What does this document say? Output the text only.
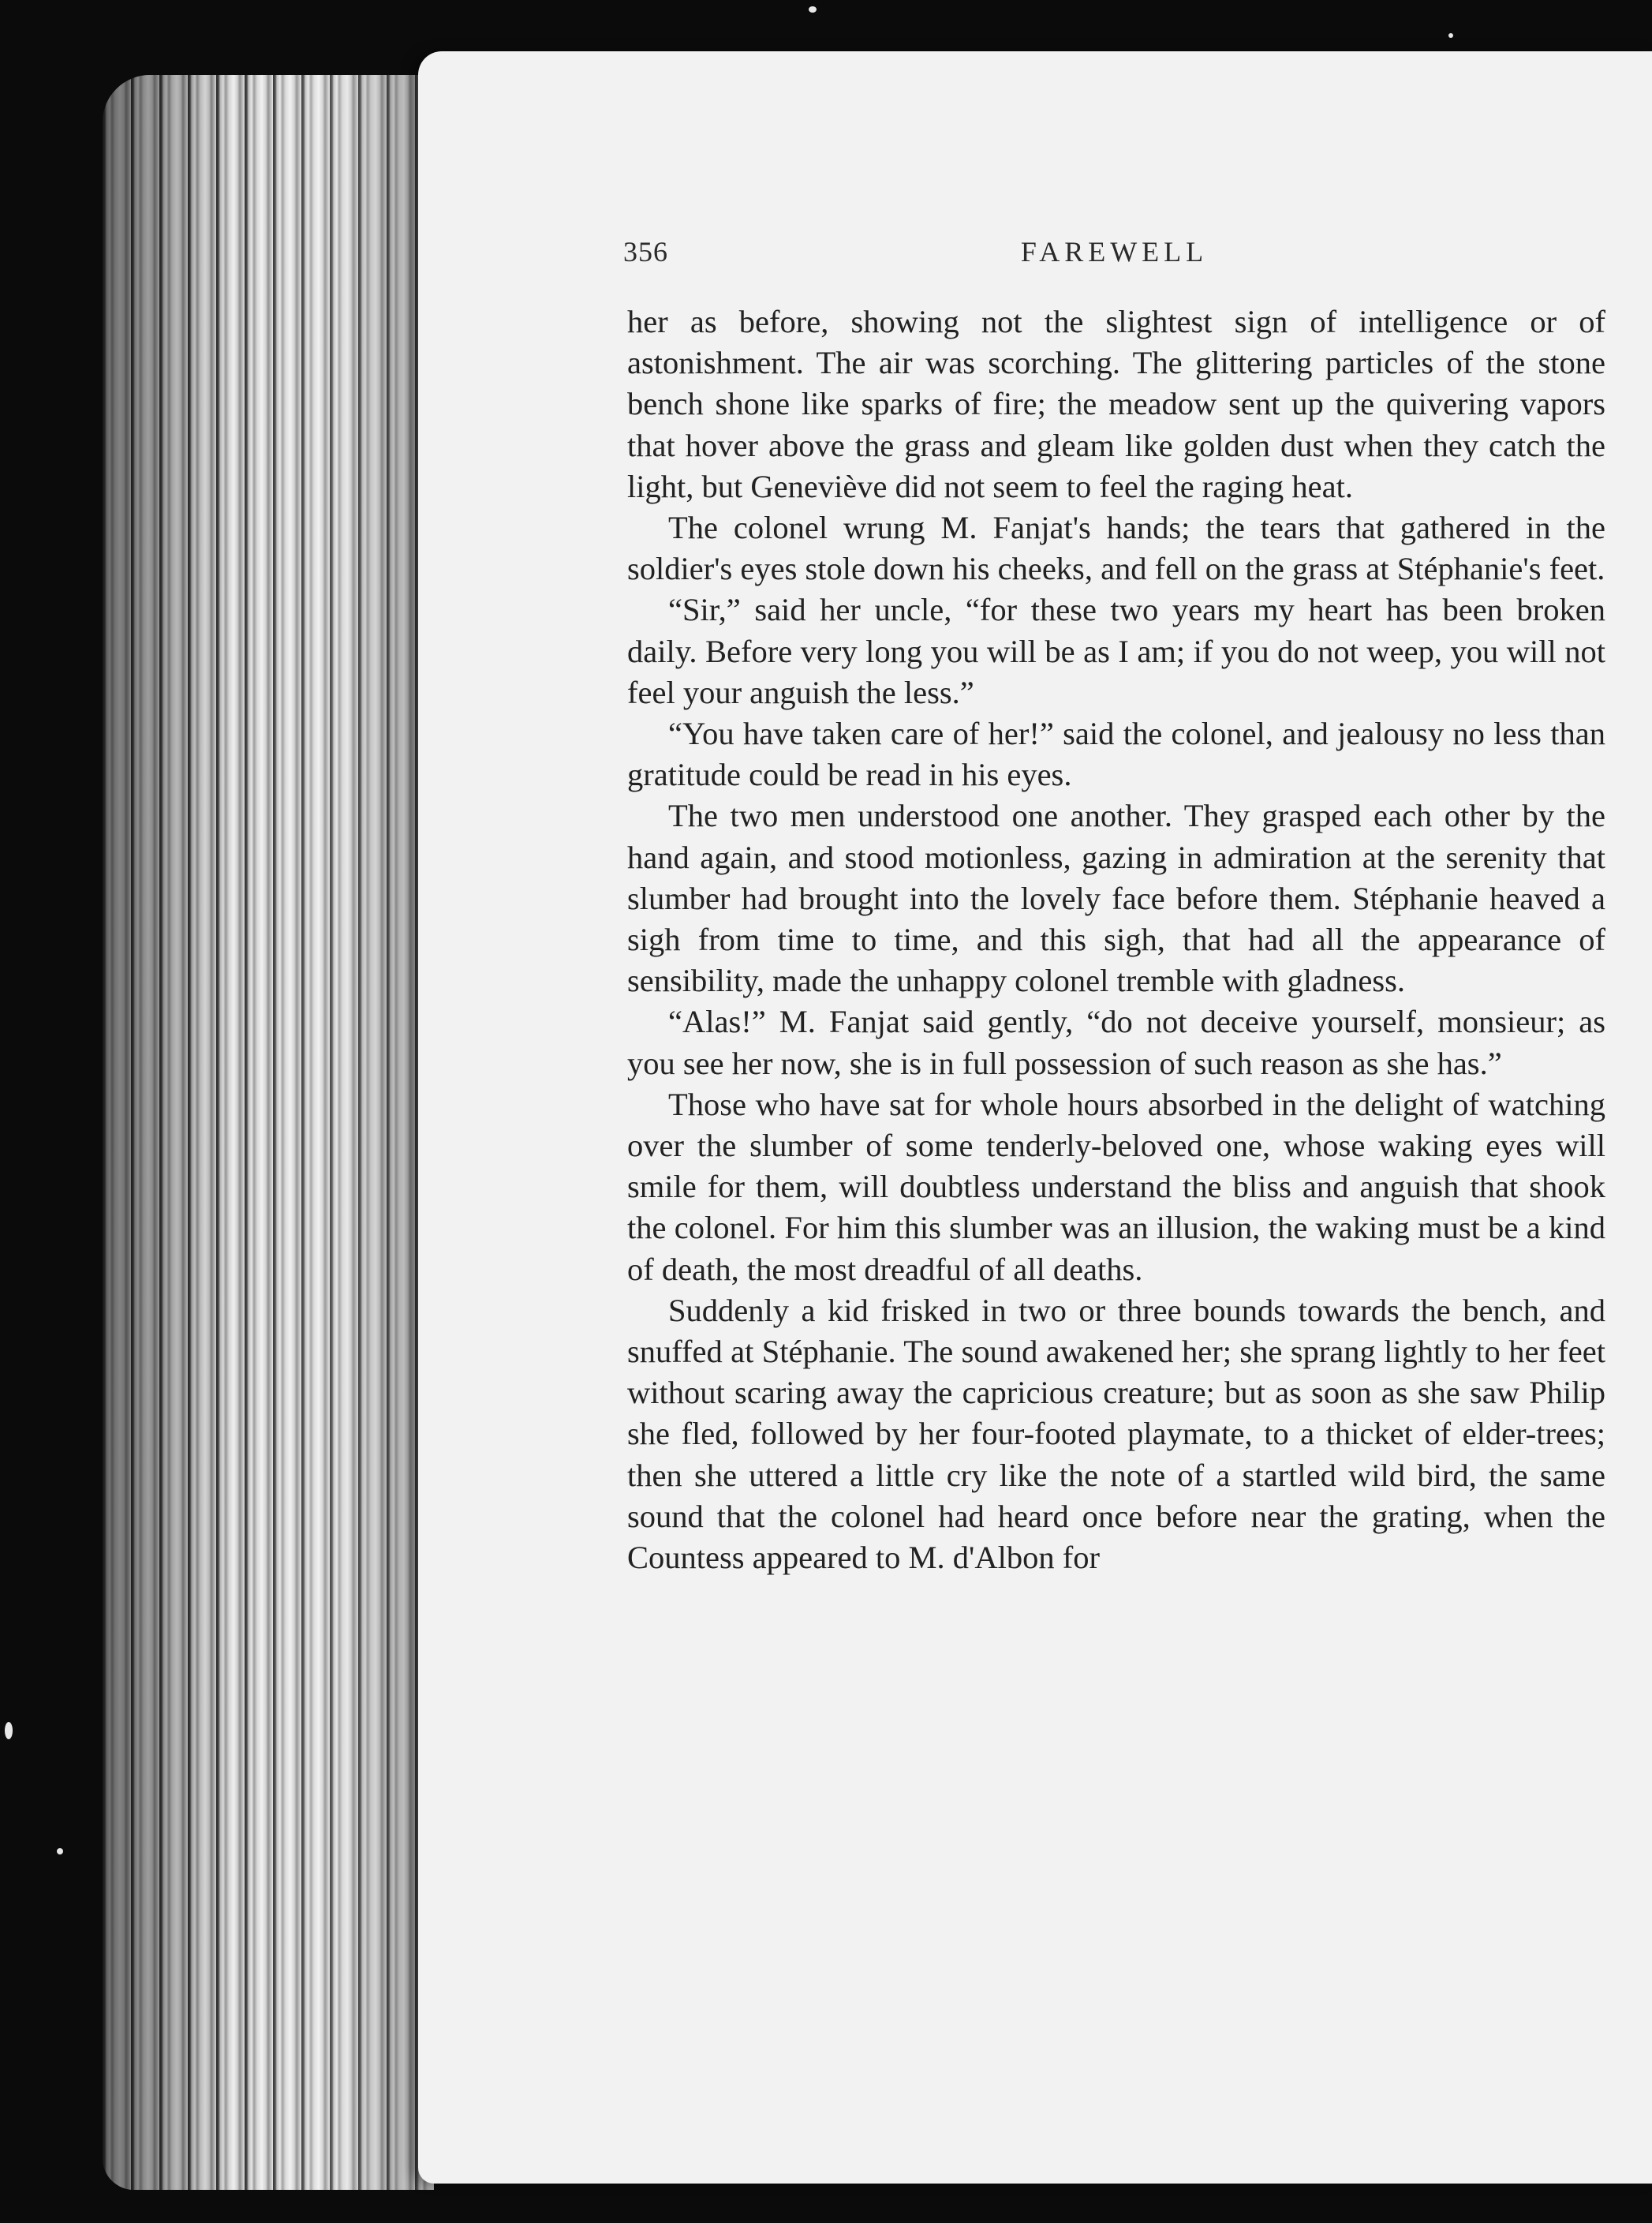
356	FAREWELL

her as before, showing not the slightest sign of intelligence or of astonishment. The air was scorching. The glittering particles of the stone bench shone like sparks of fire; the meadow sent up the quivering vapors that hover above the grass and gleam like golden dust when they catch the light, but Geneviève did not seem to feel the raging heat.

The colonel wrung M. Fanjat's hands; the tears that gathered in the soldier's eyes stole down his cheeks, and fell on the grass at Stéphanie's feet.

“Sir,” said her uncle, “for these two years my heart has been broken daily. Before very long you will be as I am; if you do not weep, you will not feel your anguish the less.”

“You have taken care of her!” said the colonel, and jealousy no less than gratitude could be read in his eyes.

The two men understood one another. They grasped each other by the hand again, and stood motionless, gazing in admiration at the serenity that slumber had brought into the lovely face before them. Stéphanie heaved a sigh from time to time, and this sigh, that had all the appearance of sensibility, made the unhappy colonel tremble with gladness.

“Alas!” M. Fanjat said gently, “do not deceive yourself, monsieur; as you see her now, she is in full possession of such reason as she has.”

Those who have sat for whole hours absorbed in the delight of watching over the slumber of some tenderly-beloved one, whose waking eyes will smile for them, will doubtless understand the bliss and anguish that shook the colonel. For him this slumber was an illusion, the waking must be a kind of death, the most dreadful of all deaths.

Suddenly a kid frisked in two or three bounds towards the bench, and snuffed at Stéphanie. The sound awakened her; she sprang lightly to her feet without scaring away the capricious creature; but as soon as she saw Philip she fled, followed by her four-footed playmate, to a thicket of elder-trees; then she uttered a little cry like the note of a startled wild bird, the same sound that the colonel had heard once before near the grating, when the Countess appeared to M. d'Albon for
